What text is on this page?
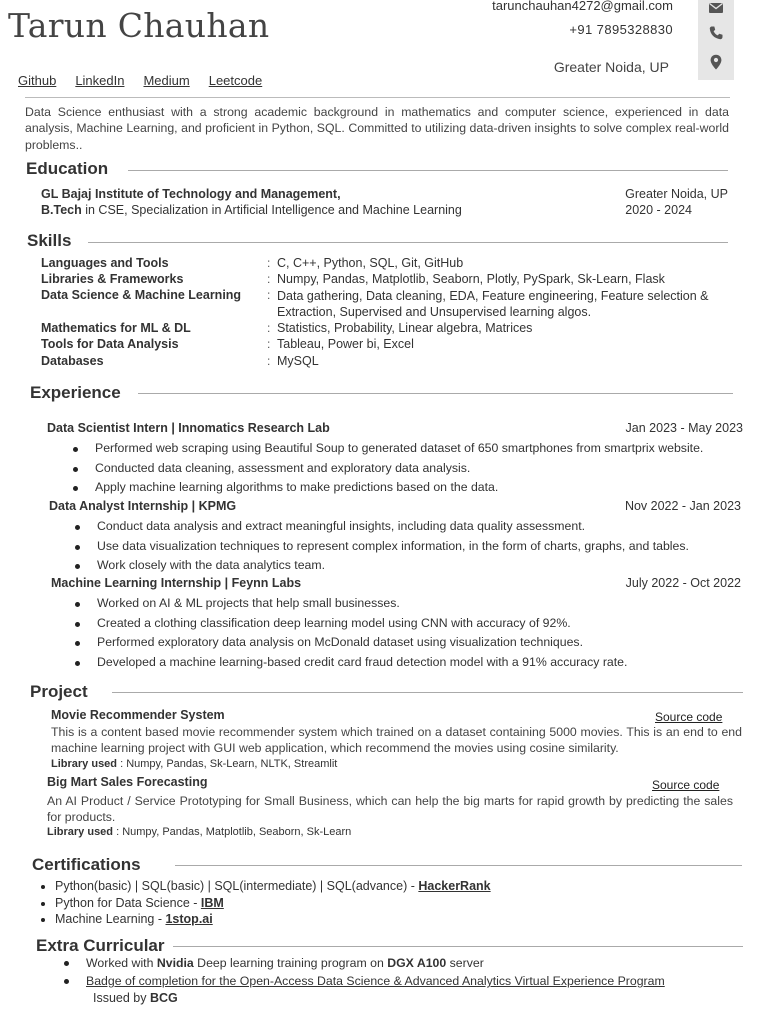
Tarun Chauhan
tarunchauhan4272@gmail.com
+91 7895328830
Greater Noida, UP
Github LinkedIn Medium Leetcode
Data Science enthusiast with a strong academic background in mathematics and computer science, experienced in data analysis, Machine Learning, and proficient in Python, SQL. Committed to utilizing data-driven insights to solve complex real-world problems..
Education
GL Bajaj Institute of Technology and Management,	Greater Noida, UP
B.Tech in CSE, Specialization in Artificial Intelligence and Machine Learning	2020 - 2024
Skills
Languages and Tools	: C, C++, Python, SQL, Git, GitHub
Libraries & Frameworks	: Numpy, Pandas, Matplotlib, Seaborn, Plotly, PySpark, Sk-Learn, Flask
Data Science & Machine Learning : Data gathering, Data cleaning, EDA, Feature engineering, Feature selection & Extraction, Supervised and Unsupervised learning algos.
Mathematics for ML & DL	: Statistics, Probability, Linear algebra, Matrices
Tools for Data Analysis	: Tableau, Power bi, Excel
Databases	: MySQL
Experience
Data Scientist Intern | Innomatics Research Lab	Jan 2023 - May 2023
Performed web scraping using Beautiful Soup to generated dataset of 650 smartphones from smartprix website.
Conducted data cleaning, assessment and exploratory data analysis.
Apply machine learning algorithms to make predictions based on the data.
Data Analyst Internship | KPMG	Nov 2022 - Jan 2023
Conduct data analysis and extract meaningful insights, including data quality assessment.
Use data visualization techniques to represent complex information, in the form of charts, graphs, and tables.
Work closely with the data analytics team.
Machine Learning Internship | Feynn Labs	July 2022 - Oct 2022
Worked on AI & ML projects that help small businesses.
Created a clothing classification deep learning model using CNN with accuracy of 92%.
Performed exploratory data analysis on McDonald dataset using visualization techniques.
Developed a machine learning-based credit card fraud detection model with a 91% accuracy rate.
Project
Movie Recommender System	Source code
This is a content based movie recommender system which trained on a dataset containing 5000 movies. This is an end to end machine learning project with GUI web application, which recommend the movies using cosine similarity.
Library used : Numpy, Pandas, Sk-Learn, NLTK, Streamlit
Big Mart Sales Forecasting	Source code
An AI Product / Service Prototyping for Small Business, which can help the big marts for rapid growth by predicting the sales for products.
Library used : Numpy, Pandas, Matplotlib, Seaborn, Sk-Learn
Certifications
Python(basic) | SQL(basic) | SQL(intermediate) | SQL(advance) - HackerRank
Python for Data Science - IBM
Machine Learning - 1stop.ai
Extra Curricular
Worked with Nvidia Deep learning training program on DGX A100 server
Badge of completion for the Open-Access Data Science & Advanced Analytics Virtual Experience Program
Issued by BCG
